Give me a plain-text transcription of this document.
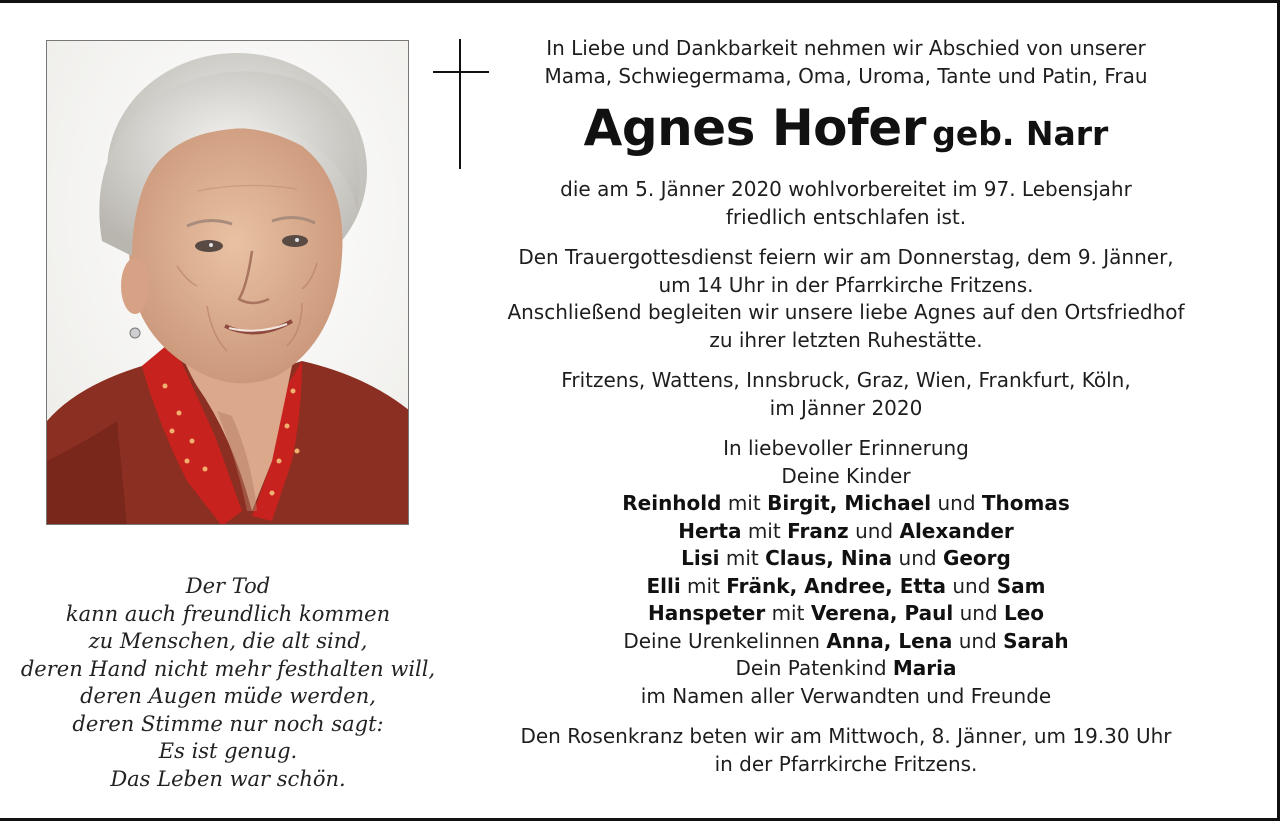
In Liebe und Dankbarkeit nehmen wir Abschied von unserer
Mama, Schwiegermama, Oma, Uroma, Tante und Patin, Frau
Agnes Hofer geb. Narr
die am 5. Jänner 2020 wohlvorbereitet im 97. Lebensjahr
friedlich entschlafen ist.
Den Trauergottesdienst feiern wir am Donnerstag, dem 9. Jänner,
um 14 Uhr in der Pfarrkirche Fritzens.
Anschließend begleiten wir unsere liebe Agnes auf den Ortsfriedhof
zu ihrer letzten Ruhestätte.
Fritzens, Wattens, Innsbruck, Graz, Wien, Frankfurt, Köln,
im Jänner 2020
In liebevoller Erinnerung
Deine Kinder
Reinhold mit Birgit, Michael und Thomas
Herta mit Franz und Alexander
Lisi mit Claus, Nina und Georg
Elli mit Fränk, Andree, Etta und Sam
Hanspeter mit Verena, Paul und Leo
Deine Urenkelinnen Anna, Lena und Sarah
Dein Patenkind Maria
im Namen aller Verwandten und Freunde
Den Rosenkranz beten wir am Mittwoch, 8. Jänner, um 19.30 Uhr
in der Pfarrkirche Fritzens.
Der Tod
kann auch freundlich kommen
zu Menschen, die alt sind,
deren Hand nicht mehr festhalten will,
deren Augen müde werden,
deren Stimme nur noch sagt:
Es ist genug.
Das Leben war schön.
